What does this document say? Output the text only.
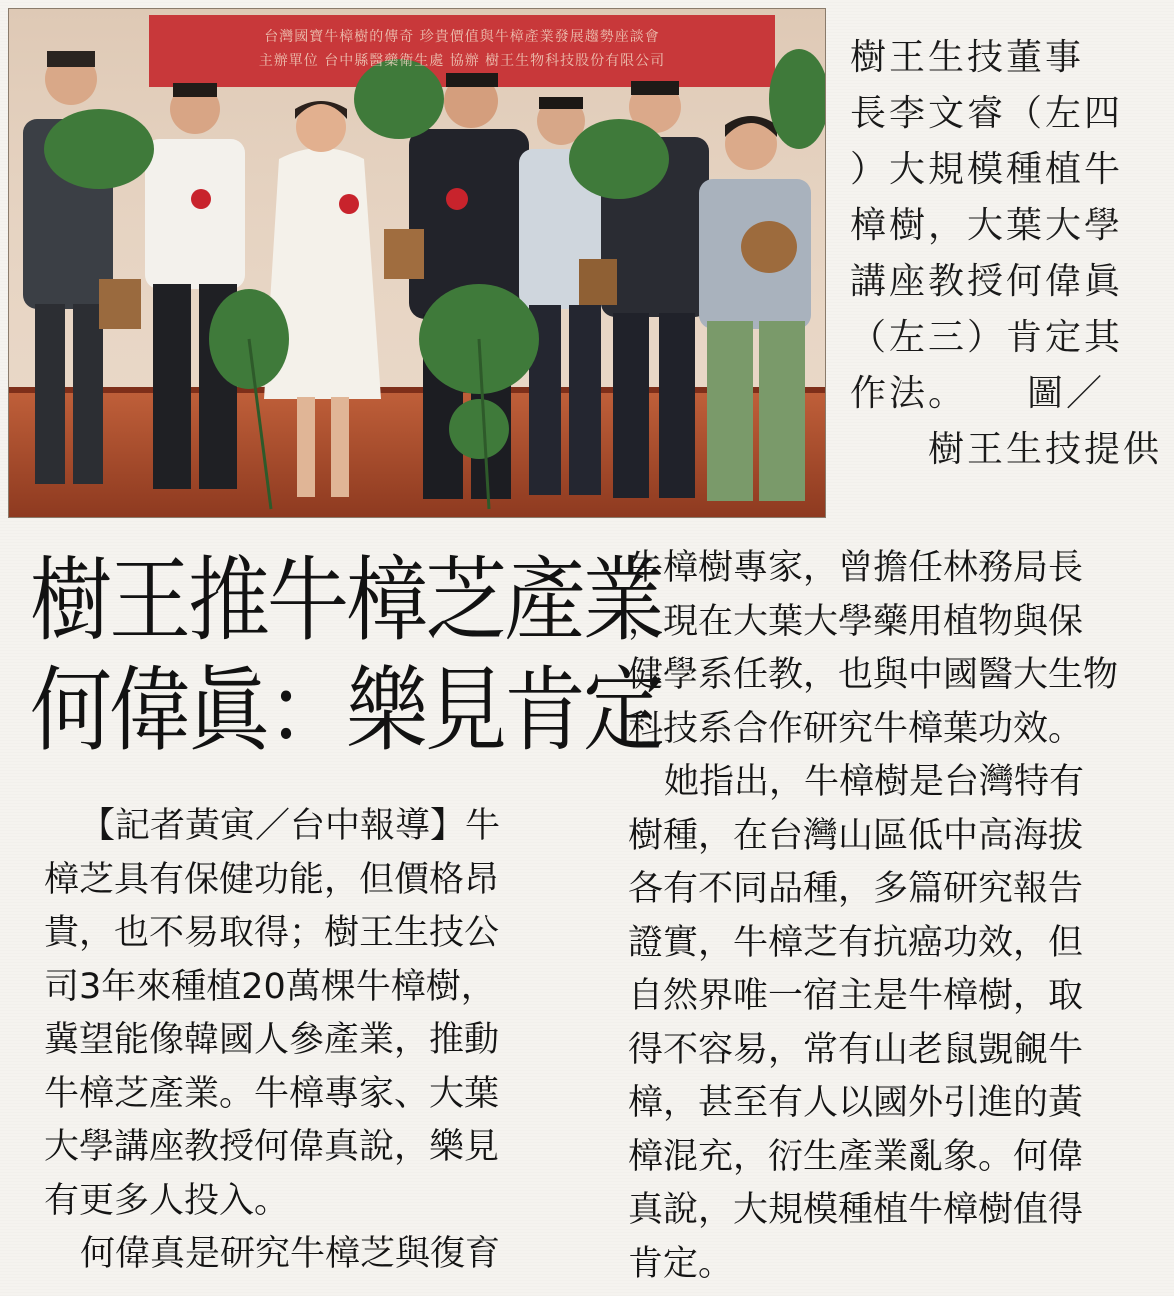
台灣國寶牛樟樹的傳奇 珍貴價值與牛樟產業發展趨勢座談會
主辦單位 台中縣醫藥衛生處 協辦 樹王生物科技股份有限公司	樹王生技董事
長李文睿（左四
）大規模種植牛
樟樹，大葉大學
講座教授何偉眞
（左三）肯定其
作法。　　圖／
樹王生技提供
樹王推牛樟芝產業
何偉眞：樂見肯定

【記者黃寅／台中報導】牛

樟芝具有保健功能，但價格昂

貴，也不易取得；樹王生技公

司3年來種植20萬棵牛樟樹，

冀望能像韓國人參產業，推動

牛樟芝產業。牛樟專家、大葉

大學講座教授何偉真說，樂見

有更多人投入。

何偉真是研究牛樟芝與復育

牛樟樹專家，曾擔任林務局長

，現在大葉大學藥用植物與保

健學系任教，也與中國醫大生物

科技系合作研究牛樟葉功效。

她指出，牛樟樹是台灣特有

樹種，在台灣山區低中高海拔

各有不同品種，多篇研究報告

證實，牛樟芝有抗癌功效，但

自然界唯一宿主是牛樟樹，取

得不容易，常有山老鼠覬覦牛

樟，甚至有人以國外引進的黃

樟混充，衍生產業亂象。何偉

真說，大規模種植牛樟樹值得

肯定。
